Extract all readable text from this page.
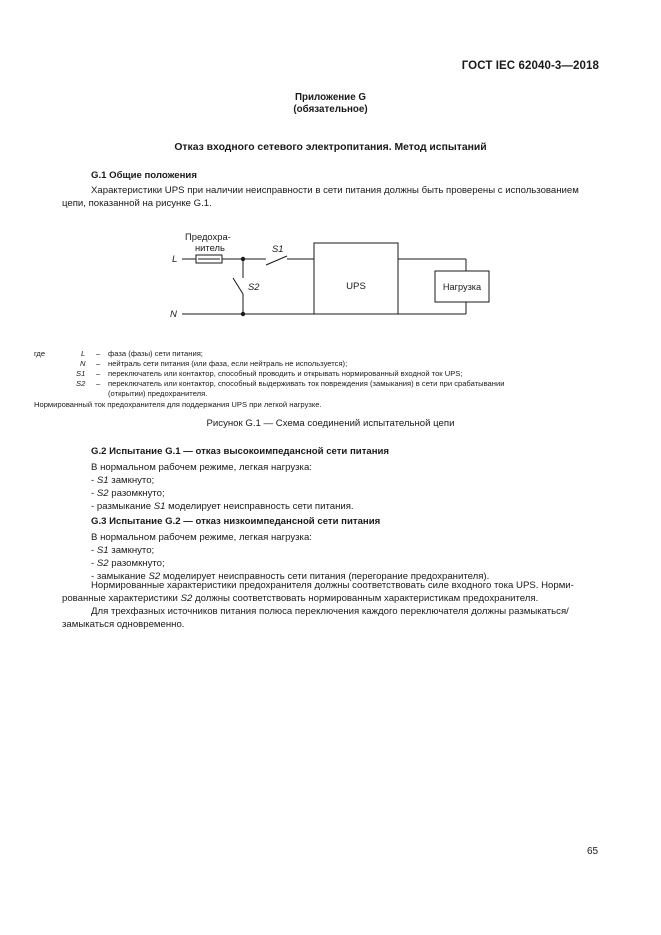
ГОСТ IEC 62040-3—2018
Приложение G
(обязательное)
Отказ входного сетевого электропитания. Метод испытаний
G.1 Общие положения
Характеристики UPS при наличии неисправности в сети питания должны быть проверены с использованием
цепи, показанной на рисунке G.1.
Предохра-
нитель
L
N
S1
S2	UPS	Нагрузка
где	L – фаза (фазы) сети питания;
N – нейтраль сети питания (или фаза, если нейтраль не используется);
S1 – переключатель или контактор, способный проводить и открывать нормированный входной ток UPS;
S2 – переключатель или контактор, способный выдерживать ток повреждения (замыкания) в сети при срабатывании
(открытии) предохранителя.
Нормированный ток предохранителя для поддержания UPS при легкой нагрузке.
Рисунок G.1 — Схема соединений испытательной цепи
G.2 Испытание G.1 — отказ высокоимпедансной сети питания
В нормальном рабочем режиме, легкая нагрузка:
- S1 замкнуто;
- S2 разомкнуто;
- размыкание S1 моделирует неисправность сети питания.
G.3 Испытание G.2 — отказ низкоимпедансной сети питания
В нормальном рабочем режиме, легкая нагрузка:
- S1 замкнуто;
- S2 разомкнуто;
- замыкание S2 моделирует неисправность сети питания (перегорание предохранителя).
Нормированные характеристики предохранителя должны соответствовать силе входного тока UPS. Норми-
рованные характеристики S2 должны соответствовать нормированным характеристикам предохранителя.
Для трехфазных источников питания полюса переключения каждого переключателя должны размыкаться/
замыкаться одновременно.
65
